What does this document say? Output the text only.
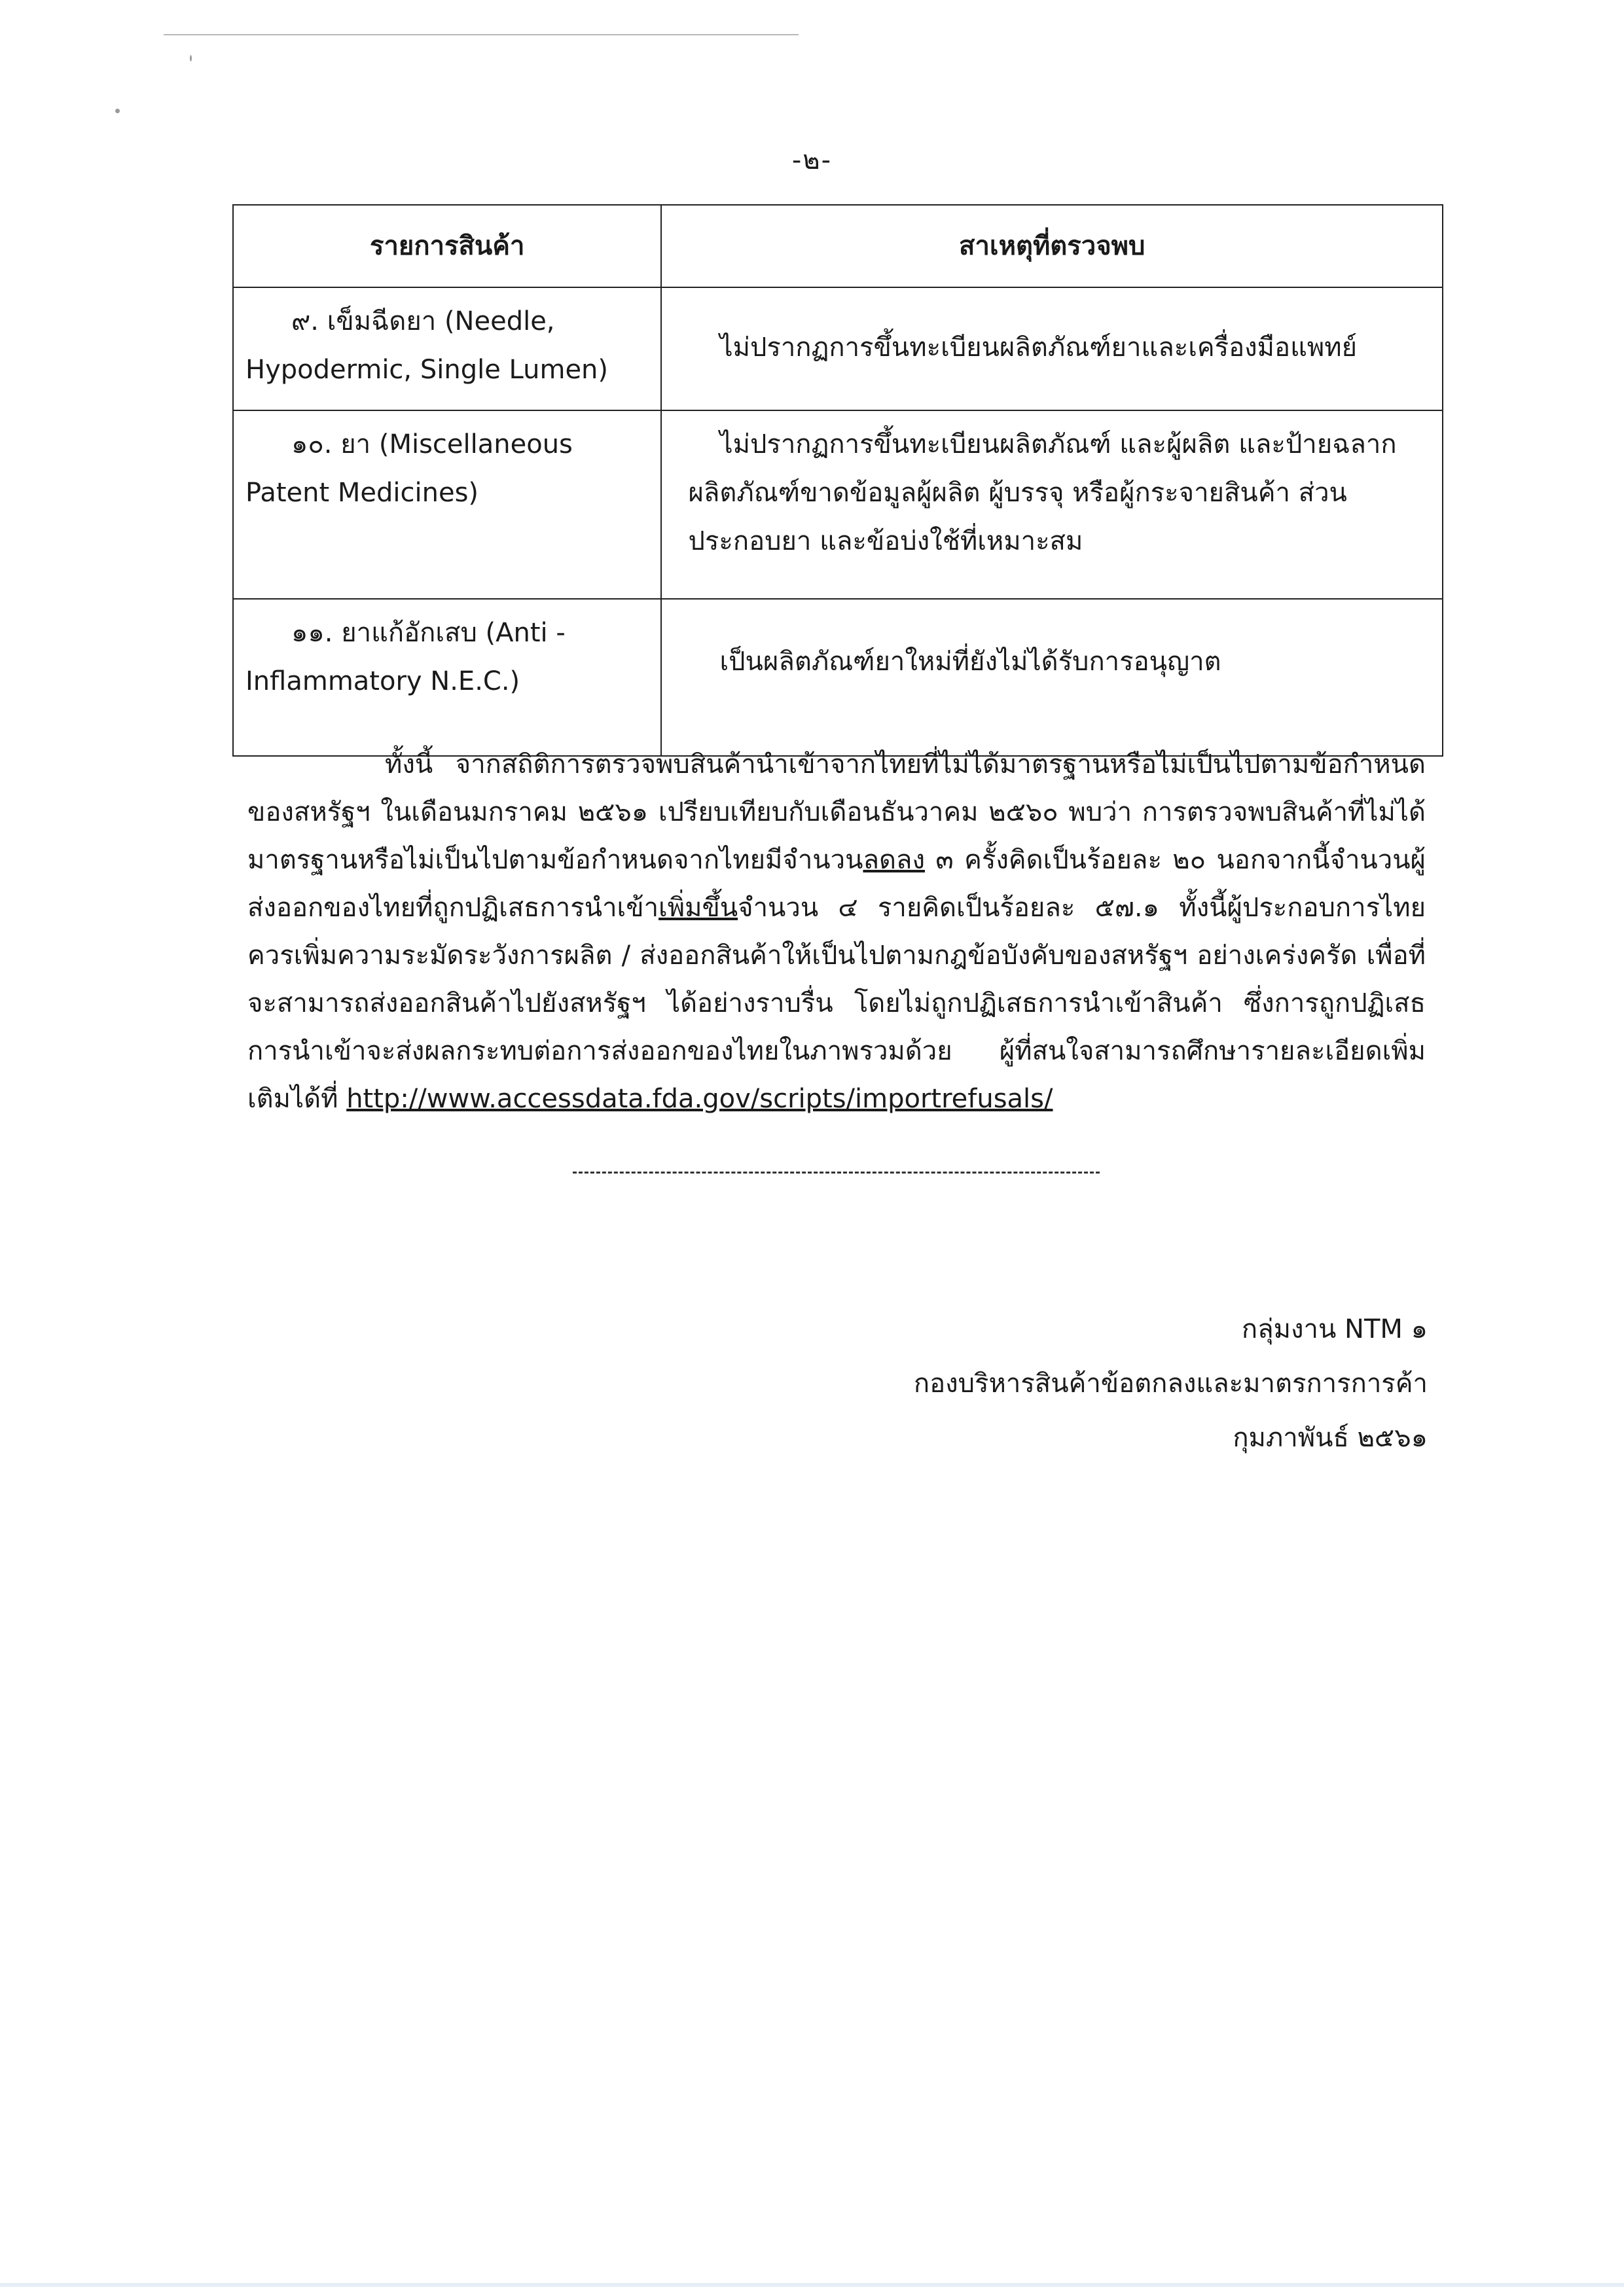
-๒-
รายการสินค้า	สาเหตุที่ตรวจพบ

๙. เข็มฉีดยา (Needle,
Hypodermic, Single Lumen)	ไม่ปรากฏการขึ้นทะเบียนผลิตภัณฑ์ยาและเครื่องมือแพทย์

๑๐. ยา (Miscellaneous
Patent Medicines)	ไม่ปรากฏการขึ้นทะเบียนผลิตภัณฑ์ และผู้ผลิต และป้ายฉลาก ผลิตภัณฑ์ขาดข้อมูลผู้ผลิต ผู้บรรจุ หรือผู้กระจายสินค้า ส่วนประกอบยา และข้อบ่งใช้ที่เหมาะสม

๑๑. ยาแก้อักเสบ (Anti -
Inflammatory N.E.C.)	เป็นผลิตภัณฑ์ยาใหม่ที่ยังไม่ได้รับการอนุญาต
ทั้งนี้ จากสถิติการตรวจพบสินค้านำเข้าจากไทยที่ไม่ได้มาตรฐานหรือไม่เป็นไปตามข้อกำหนดของสหรัฐฯ ในเดือนมกราคม ๒๕๖๑ เปรียบเทียบกับเดือนธันวาคม ๒๕๖๐ พบว่า การตรวจพบสินค้าที่ไม่ได้มาตรฐานหรือไม่เป็นไปตามข้อกำหนดจากไทยมีจำนวนลดลง ๓ ครั้งคิดเป็นร้อยละ ๒๐ นอกจากนี้จำนวนผู้ส่งออกของไทยที่ถูกปฏิเสธการนำเข้าเพิ่มขึ้นจำนวน ๔ รายคิดเป็นร้อยละ ๕๗.๑ ทั้งนี้ผู้ประกอบการไทยควรเพิ่มความระมัดระวังการผลิต / ส่งออกสินค้าให้เป็นไปตามกฎข้อบังคับของสหรัฐฯ อย่างเคร่งครัด เพื่อที่จะสามารถส่งออกสินค้าไปยังสหรัฐฯ ได้อย่างราบรื่น โดยไม่ถูกปฏิเสธการนำเข้าสินค้า ซึ่งการถูกปฏิเสธการนำเข้าจะส่งผลกระทบต่อการส่งออกของไทยในภาพรวมด้วย ผู้ที่สนใจสามารถศึกษารายละเอียดเพิ่มเติมได้ที่ http://www.accessdata.fda.gov/scripts/importrefusals/
กลุ่มงาน NTM ๑
กองบริหารสินค้าข้อตกลงและมาตรการการค้า
กุมภาพันธ์ ๒๕๖๑
